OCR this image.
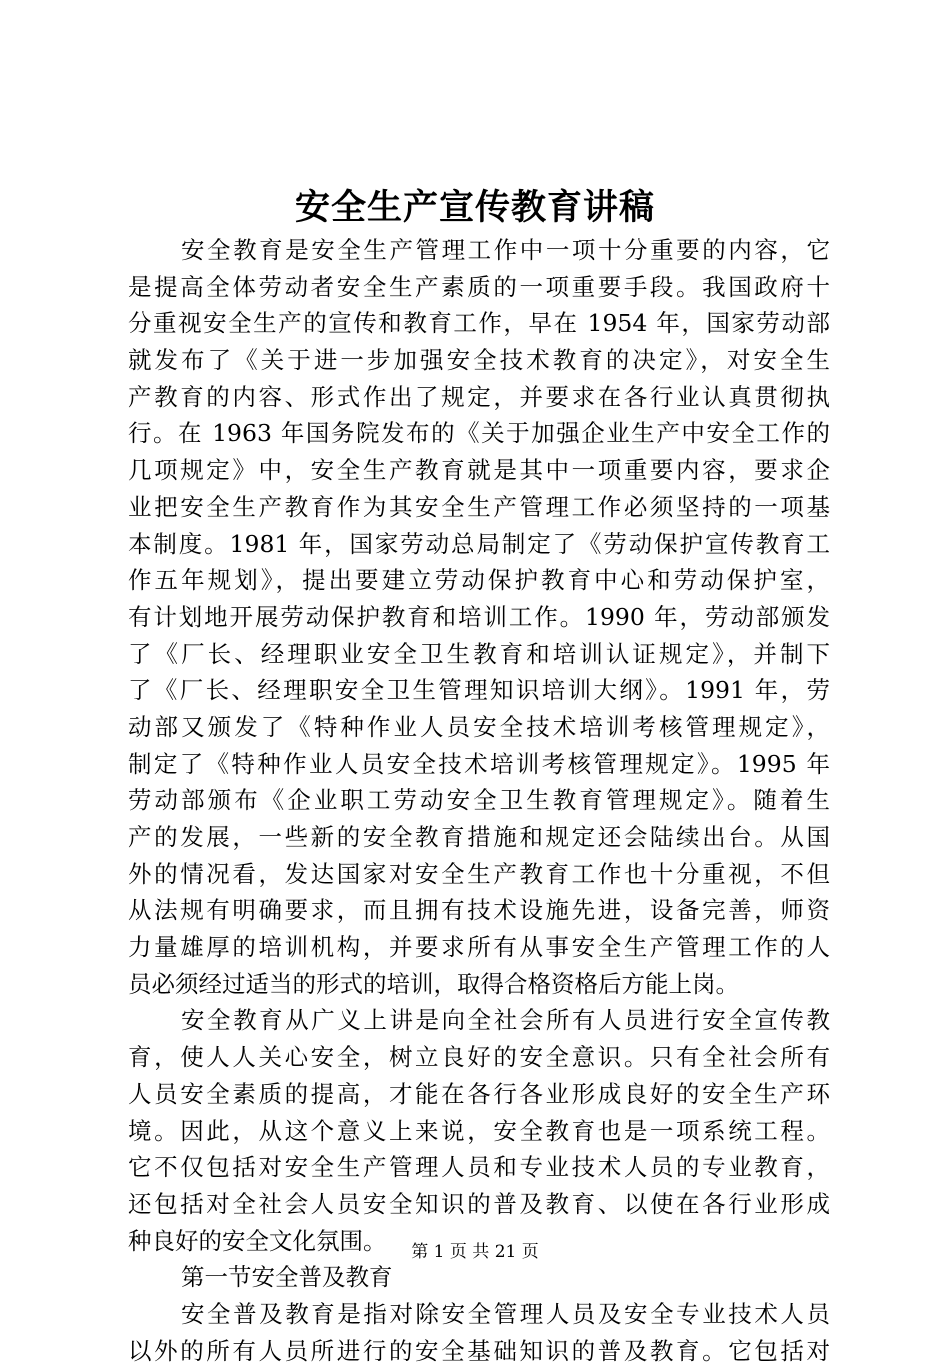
安全生产宣传教育讲稿
安全教育是安全生产管理工作中一项十分重要的内容，它
是提高全体劳动者安全生产素质的一项重要手段。我国政府十
分重视安全生产的宣传和教育工作，早在 1954 年，国家劳动部
就发布了《关于进一步加强安全技术教育的决定》，对安全生
产教育的内容、形式作出了规定，并要求在各行业认真贯彻执
行。在 1963 年国务院发布的《关于加强企业生产中安全工作的
几项规定》中，安全生产教育就是其中一项重要内容，要求企
业把安全生产教育作为其安全生产管理工作必须坚持的一项基
本制度。1981 年，国家劳动总局制定了《劳动保护宣传教育工
作五年规划》，提出要建立劳动保护教育中心和劳动保护室，
有计划地开展劳动保护教育和培训工作。1990 年，劳动部颁发
了《厂长、经理职业安全卫生教育和培训认证规定》，并制下
了《厂长、经理职安全卫生管理知识培训大纲》。1991 年，劳
动部又颁发了《特种作业人员安全技术培训考核管理规定》，
制定了《特种作业人员安全技术培训考核管理规定》。1995 年
劳动部颁布《企业职工劳动安全卫生教育管理规定》。随着生
产的发展，一些新的安全教育措施和规定还会陆续出台。从国
外的情况看，发达国家对安全生产教育工作也十分重视，不但
从法规有明确要求，而且拥有技术设施先进，设备完善，师资
力量雄厚的培训机构，并要求所有从事安全生产管理工作的人
员必须经过适当的形式的培训，取得合格资格后方能上岗。
安全教育从广义上讲是向全社会所有人员进行安全宣传教
育，使人人关心安全，树立良好的安全意识。只有全社会所有
人员安全素质的提高，才能在各行各业形成良好的安全生产环
境。因此，从这个意义上来说，安全教育也是一项系统工程。
它不仅包括对安全生产管理人员和专业技术人员的专业教育，
还包括对全社会人员安全知识的普及教育、以使在各行业形成
种良好的安全文化氛围。
第一节安全普及教育
安全普及教育是指对除安全管理人员及安全专业技术人员
以外的所有人员所进行的安全基础知识的普及教育。它包括对
第 1 页 共 21 页
